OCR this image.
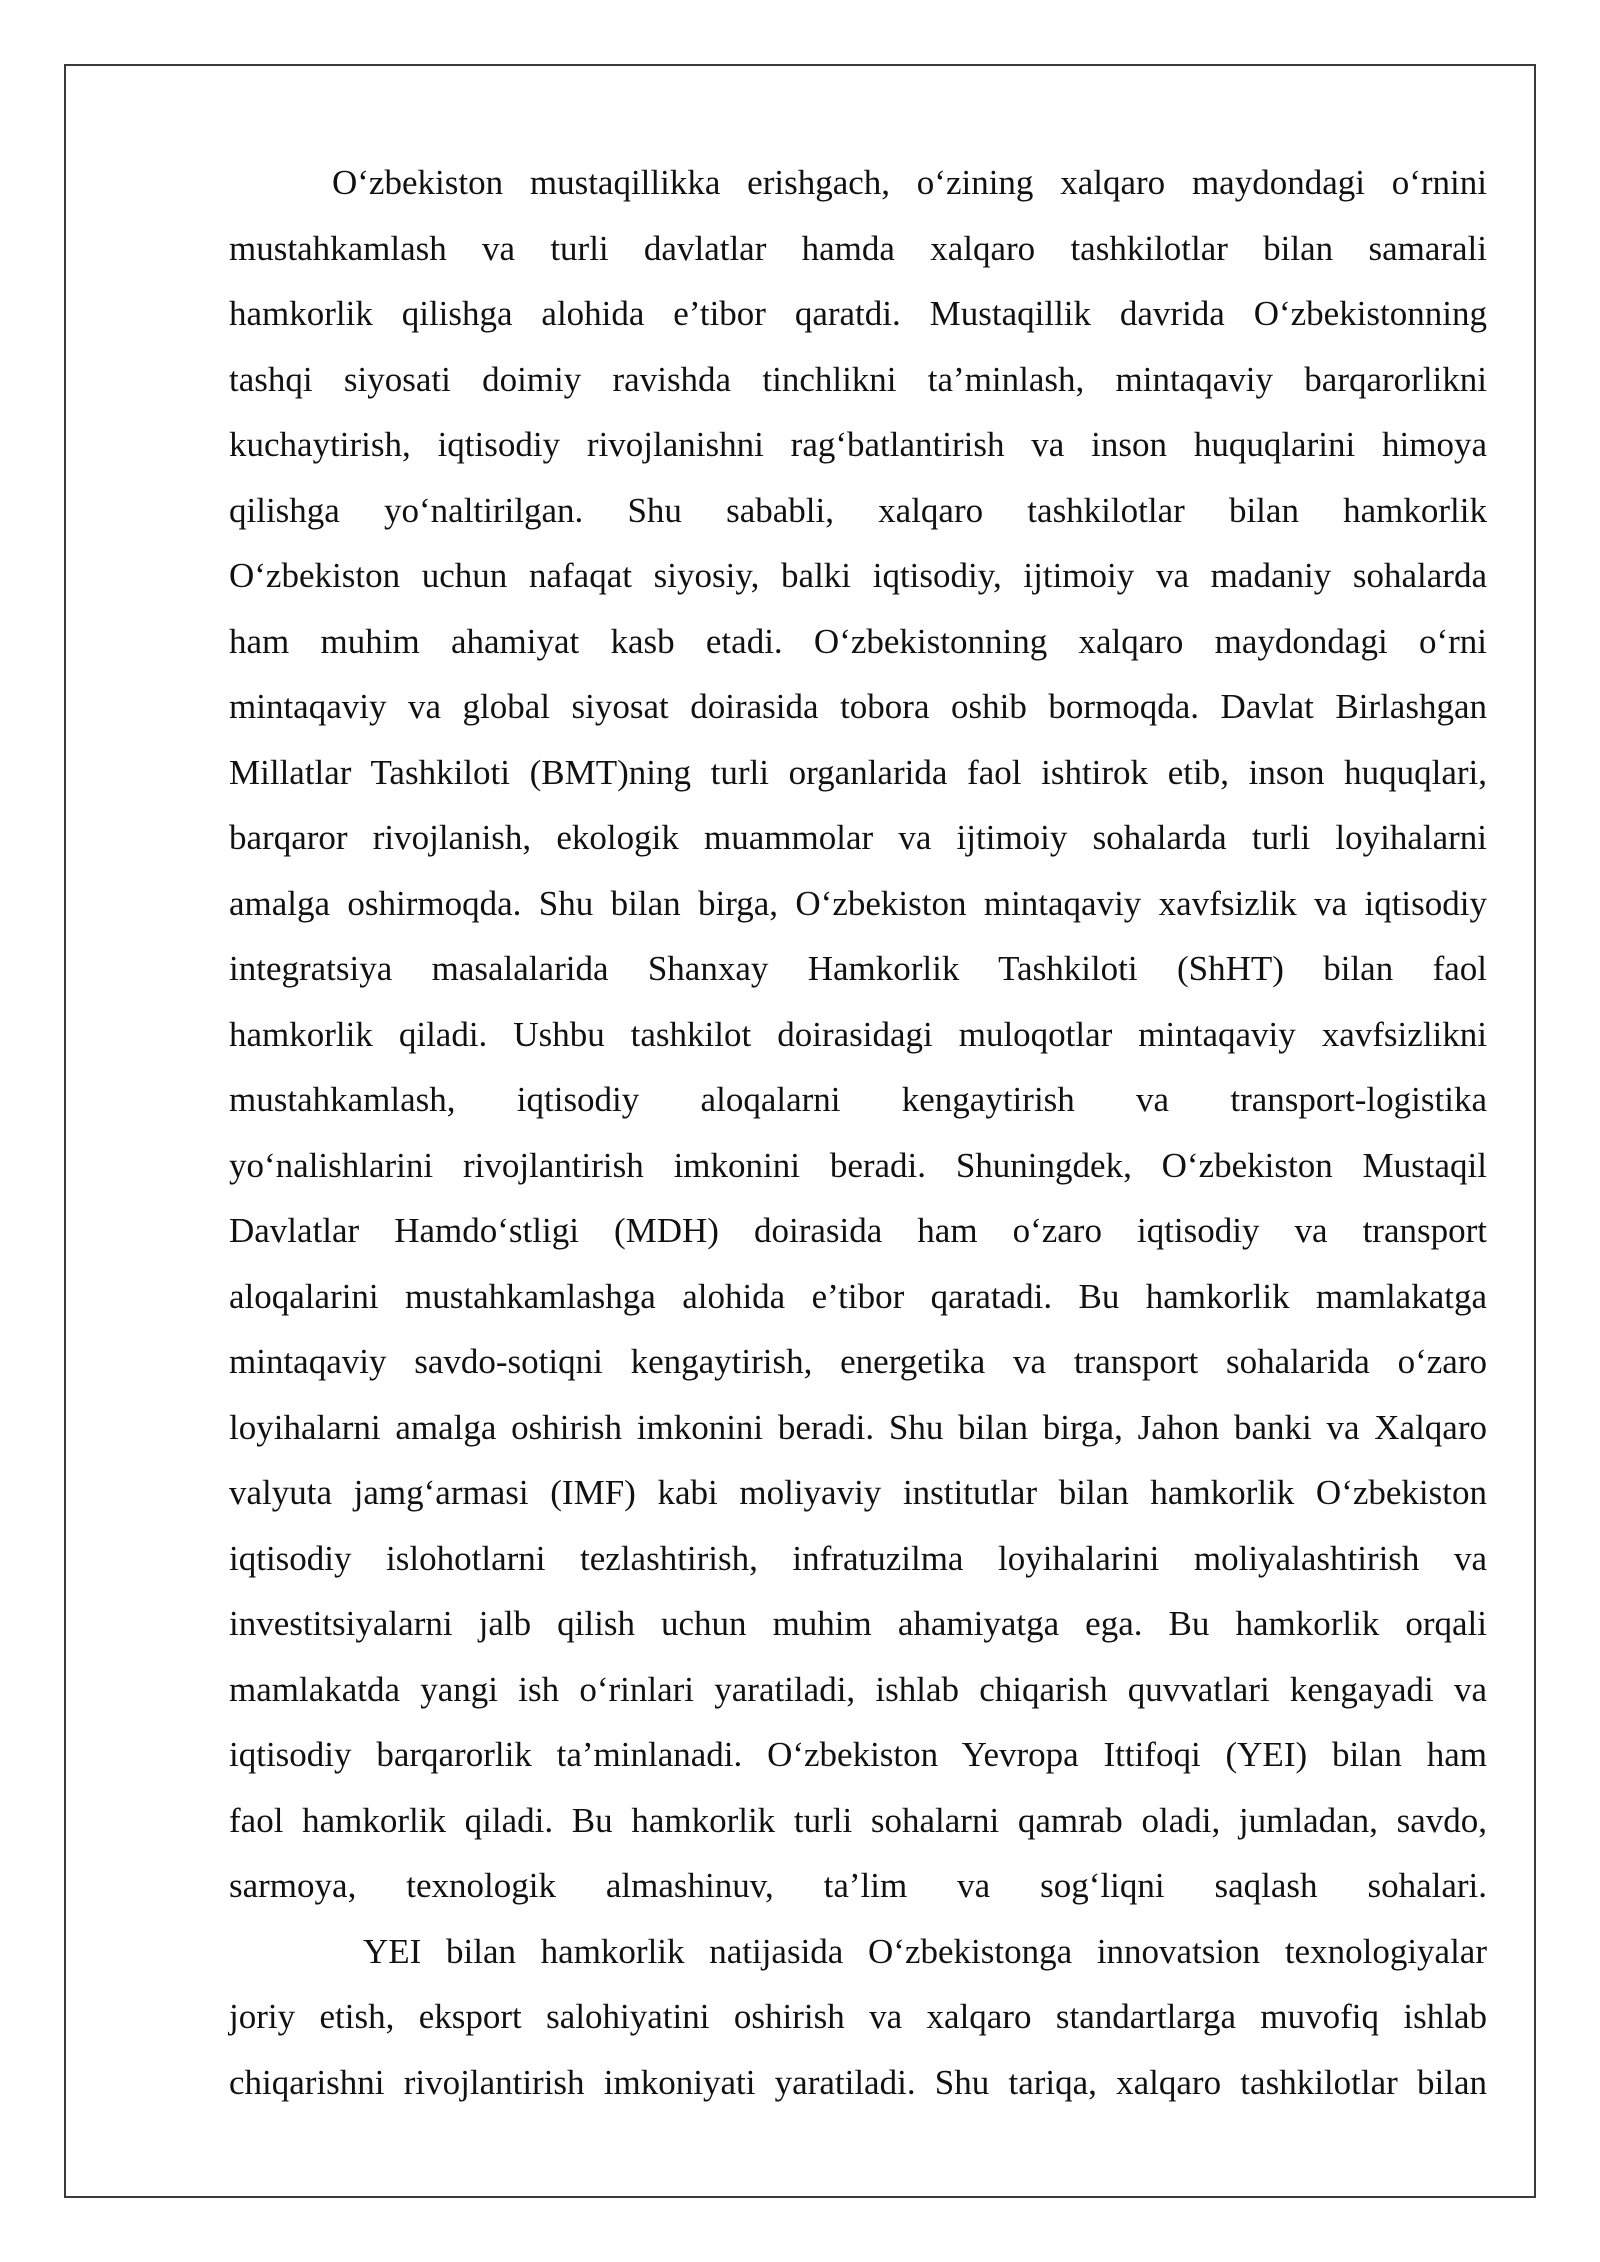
O‘zbekiston mustaqillikka erishgach, o‘zining xalqaro maydondagi o‘rnini
mustahkamlash va turli davlatlar hamda xalqaro tashkilotlar bilan samarali
hamkorlik qilishga alohida e’tibor qaratdi. Mustaqillik davrida O‘zbekistonning
tashqi siyosati doimiy ravishda tinchlikni ta’minlash, mintaqaviy barqarorlikni
kuchaytirish, iqtisodiy rivojlanishni rag‘batlantirish va inson huquqlarini himoya
qilishga yo‘naltirilgan. Shu sababli, xalqaro tashkilotlar bilan hamkorlik
O‘zbekiston uchun nafaqat siyosiy, balki iqtisodiy, ijtimoiy va madaniy sohalarda
ham muhim ahamiyat kasb etadi. O‘zbekistonning xalqaro maydondagi o‘rni
mintaqaviy va global siyosat doirasida tobora oshib bormoqda. Davlat Birlashgan
Millatlar Tashkiloti (BMT)ning turli organlarida faol ishtirok etib, inson huquqlari,
barqaror rivojlanish, ekologik muammolar va ijtimoiy sohalarda turli loyihalarni
amalga oshirmoqda. Shu bilan birga, O‘zbekiston mintaqaviy xavfsizlik va iqtisodiy
integratsiya masalalarida Shanxay Hamkorlik Tashkiloti (ShHT) bilan faol
hamkorlik qiladi. Ushbu tashkilot doirasidagi muloqotlar mintaqaviy xavfsizlikni
mustahkamlash, iqtisodiy aloqalarni kengaytirish va transport-logistika
yo‘nalishlarini rivojlantirish imkonini beradi. Shuningdek, O‘zbekiston Mustaqil
Davlatlar Hamdo‘stligi (MDH) doirasida ham o‘zaro iqtisodiy va transport
aloqalarini mustahkamlashga alohida e’tibor qaratadi. Bu hamkorlik mamlakatga
mintaqaviy savdo-sotiqni kengaytirish, energetika va transport sohalarida o‘zaro
loyihalarni amalga oshirish imkonini beradi. Shu bilan birga, Jahon banki va Xalqaro
valyuta jamg‘armasi (IMF) kabi moliyaviy institutlar bilan hamkorlik O‘zbekiston
iqtisodiy islohotlarni tezlashtirish, infratuzilma loyihalarini moliyalashtirish va
investitsiyalarni jalb qilish uchun muhim ahamiyatga ega. Bu hamkorlik orqali
mamlakatda yangi ish o‘rinlari yaratiladi, ishlab chiqarish quvvatlari kengayadi va
iqtisodiy barqarorlik ta’minlanadi. O‘zbekiston Yevropa Ittifoqi (YEI) bilan ham
faol hamkorlik qiladi. Bu hamkorlik turli sohalarni qamrab oladi, jumladan, savdo,
sarmoya, texnologik almashinuv, ta’lim va sog‘liqni saqlash sohalari.

YEI bilan hamkorlik natijasida O‘zbekistonga innovatsion texnologiyalar
joriy etish, eksport salohiyatini oshirish va xalqaro standartlarga muvofiq ishlab
chiqarishni rivojlantirish imkoniyati yaratiladi. Shu tariqa, xalqaro tashkilotlar bilan
